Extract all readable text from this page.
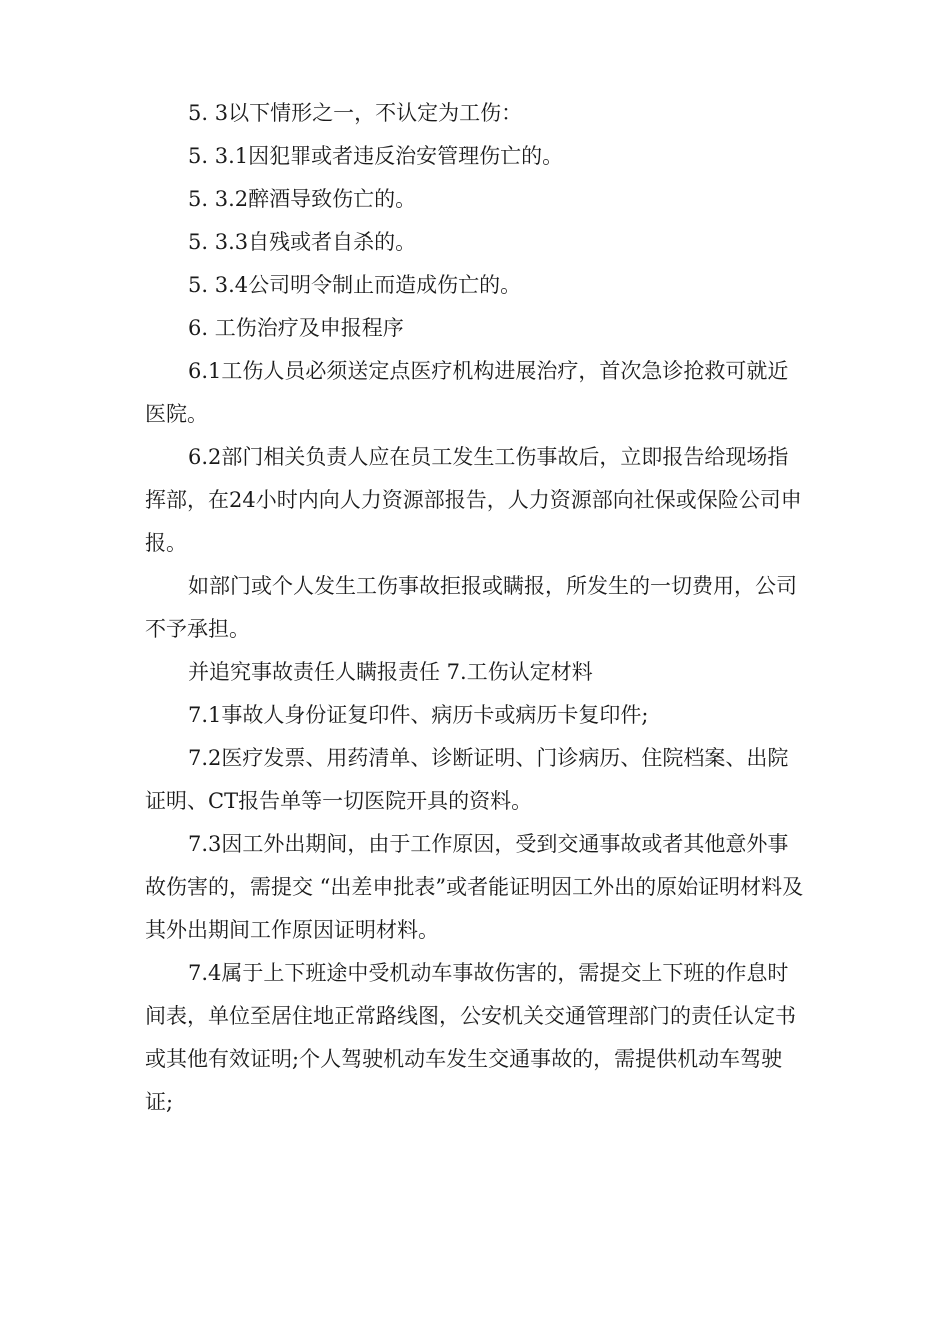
5. 3以下情形之一，不认定为工伤：

5. 3.1因犯罪或者违反治安管理伤亡的。

5. 3.2醉酒导致伤亡的。

5. 3.3自残或者自杀的。

5. 3.4公司明令制止而造成伤亡的。

6. 工伤治疗及申报程序

6.1工伤人员必须送定点医疗机构进展治疗，首次急诊抢救可就近医院。

6.2部门相关负责人应在员工发生工伤事故后，立即报告给现场指挥部，在24小时内向人力资源部报告，人力资源部向社保或保险公司申报。

如部门或个人发生工伤事故拒报或瞒报，所发生的一切费用，公司不予承担。

并追究事故责任人瞒报责任 7.工伤认定材料

7.1事故人身份证复印件、病历卡或病历卡复印件;

7.2医疗发票、用药清单、诊断证明、门诊病历、住院档案、出院证明、CT报告单等一切医院开具的资料。

7.3因工外出期间，由于工作原因，受到交通事故或者其他意外事故伤害的，需提交 “出差申批表”或者能证明因工外出的原始证明材料及其外出期间工作原因证明材料。

7.4属于上下班途中受机动车事故伤害的，需提交上下班的作息时间表，单位至居住地正常路线图，公安机关交通管理部门的责任认定书或其他有效证明;个人驾驶机动车发生交通事故的，需提供机动车驾驶证;
